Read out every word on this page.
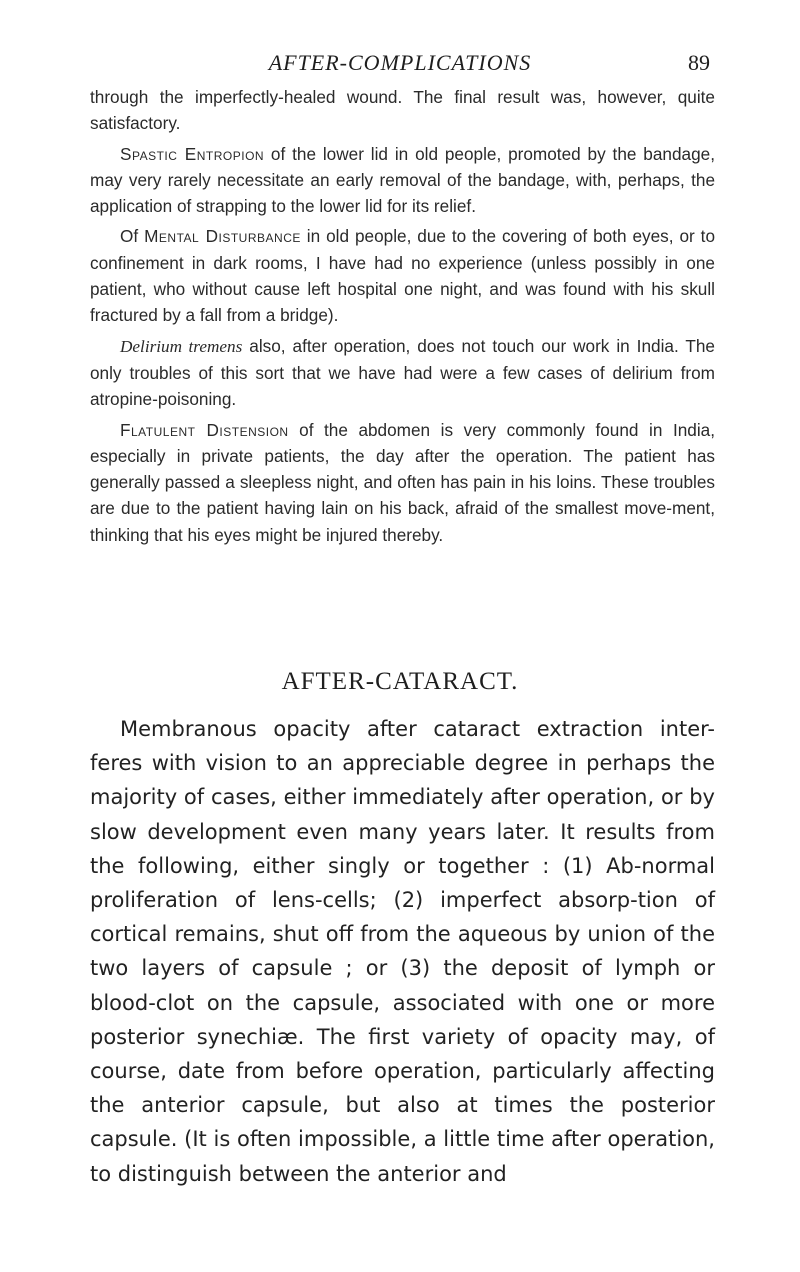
AFTER-COMPLICATIONS	89

through the imperfectly-healed wound. The final result was, however, quite satisfactory.

Spastic Entropion of the lower lid in old people, promoted by the bandage, may very rarely necessitate an early removal of the bandage, with, perhaps, the application of strapping to the lower lid for its relief.

Of Mental Disturbance in old people, due to the covering of both eyes, or to confinement in dark rooms, I have had no experience (unless possibly in one patient, who without cause left hospital one night, and was found with his skull fractured by a fall from a bridge).

Delirium tremens also, after operation, does not touch our work in India. The only troubles of this sort that we have had were a few cases of delirium from atropine-poisoning.

Flatulent Distension of the abdomen is very commonly found in India, especially in private patients, the day after the operation. The patient has generally passed a sleepless night, and often has pain in his loins. These troubles are due to the patient having lain on his back, afraid of the smallest move-ment, thinking that his eyes might be injured thereby.

AFTER-CATARACT.

Membranous opacity after cataract extraction inter-feres with vision to an appreciable degree in perhaps the majority of cases, either immediately after operation, or by slow development even many years later. It results from the following, either singly or together : (1) Ab-normal proliferation of lens-cells; (2) imperfect absorp-tion of cortical remains, shut off from the aqueous by union of the two layers of capsule ; or (3) the deposit of lymph or blood-clot on the capsule, associated with one or more posterior synechiæ. The first variety of opacity may, of course, date from before operation, particularly affecting the anterior capsule, but also at times the posterior capsule. (It is often impossible, a little time after operation, to distinguish between the anterior and
